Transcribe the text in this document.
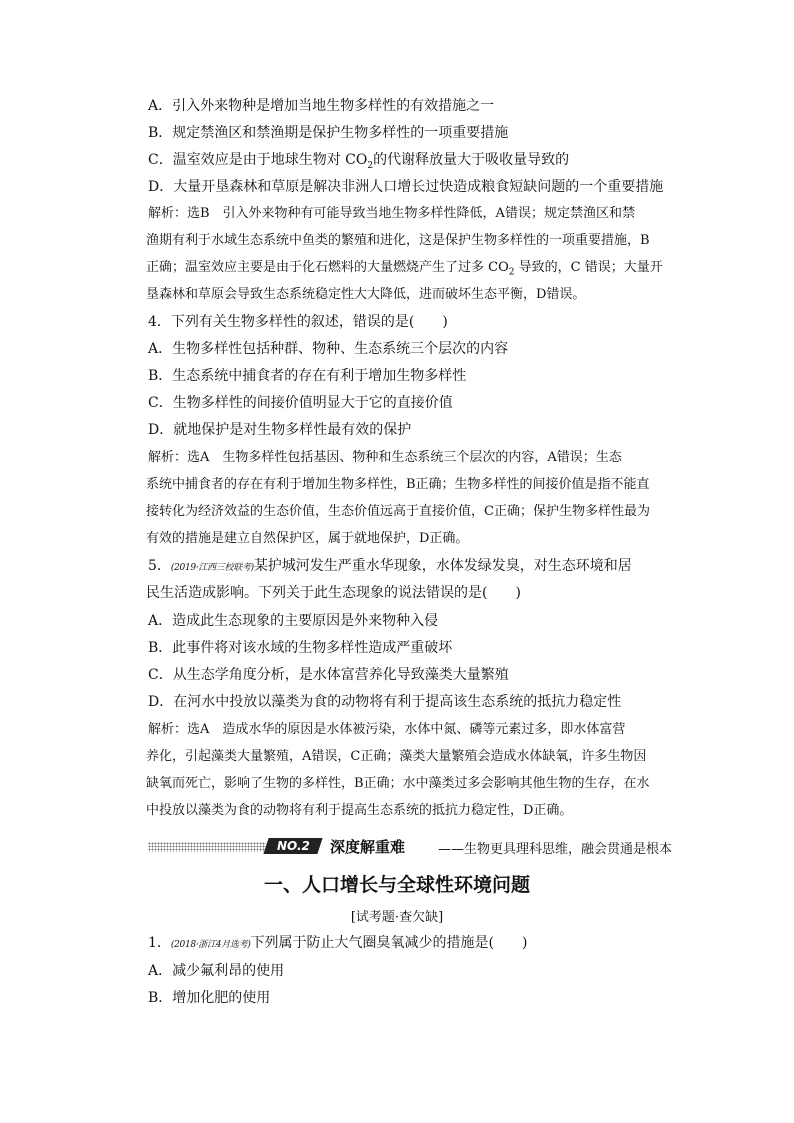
A．引入外来物种是增加当地生物多样性的有效措施之一
B．规定禁渔区和禁渔期是保护生物多样性的一项重要措施
C．温室效应是由于地球生物对 $CO_2$的代谢释放量大于吸收量导致的
D．大量开垦森林和草原是解决非洲人口增长过快造成粮食短缺问题的一个重要措施
解析：选B　引入外来物种有可能导致当地生物多样性降低，A错误；规定禁渔区和禁
渔期有利于水域生态系统中鱼类的繁殖和进化，这是保护生物多样性的一项重要措施，B
正确；温室效应主要是由于化石燃料的大量燃烧产生了过多 $CO_2$ 导致的，C 错误；大量开
垦森林和草原会导致生态系统稳定性大大降低，进而破坏生态平衡，D错误。
4．下列有关生物多样性的叙述，错误的是(　　)
A．生物多样性包括种群、物种、生态系统三个层次的内容
B．生态系统中捕食者的存在有利于增加生物多样性
C．生物多样性的间接价值明显大于它的直接价值
D．就地保护是对生物多样性最有效的保护
解析：选A　生物多样性包括基因、物种和生态系统三个层次的内容，A错误；生态
系统中捕食者的存在有利于增加生物多样性，B正确；生物多样性的间接价值是指不能直
接转化为经济效益的生态价值，生态价值远高于直接价值，C正确；保护生物多样性最为
有效的措施是建立自然保护区，属于就地保护，D正确。
5．(2019·江西三校联考)某护城河发生严重水华现象，水体发绿发臭，对生态环境和居
民生活造成影响。下列关于此生态现象的说法错误的是(　　)
A．造成此生态现象的主要原因是外来物种入侵
B．此事件将对该水域的生物多样性造成严重破坏
C．从生态学角度分析，是水体富营养化导致藻类大量繁殖
D．在河水中投放以藻类为食的动物将有利于提高该生态系统的抵抗力稳定性
解析：选A　造成水华的原因是水体被污染，水体中氮、磷等元素过多，即水体富营
养化，引起藻类大量繁殖，A错误，C正确；藻类大量繁殖会造成水体缺氧，许多生物因
缺氧而死亡，影响了生物的多样性，B正确；水中藻类过多会影响其他生物的生存，在水
中投放以藻类为食的动物将有利于提高生态系统的抵抗力稳定性，D正确。
NO.2	深度解重难	——生物更具理科思维，融会贯通是根本
一、人口增长与全球性环境问题
[试考题·查欠缺]
1．(2018·浙江4月选考)下列属于防止大气圈臭氧减少的措施是(　　)
A．减少氟利昂的使用
B．增加化肥的使用
